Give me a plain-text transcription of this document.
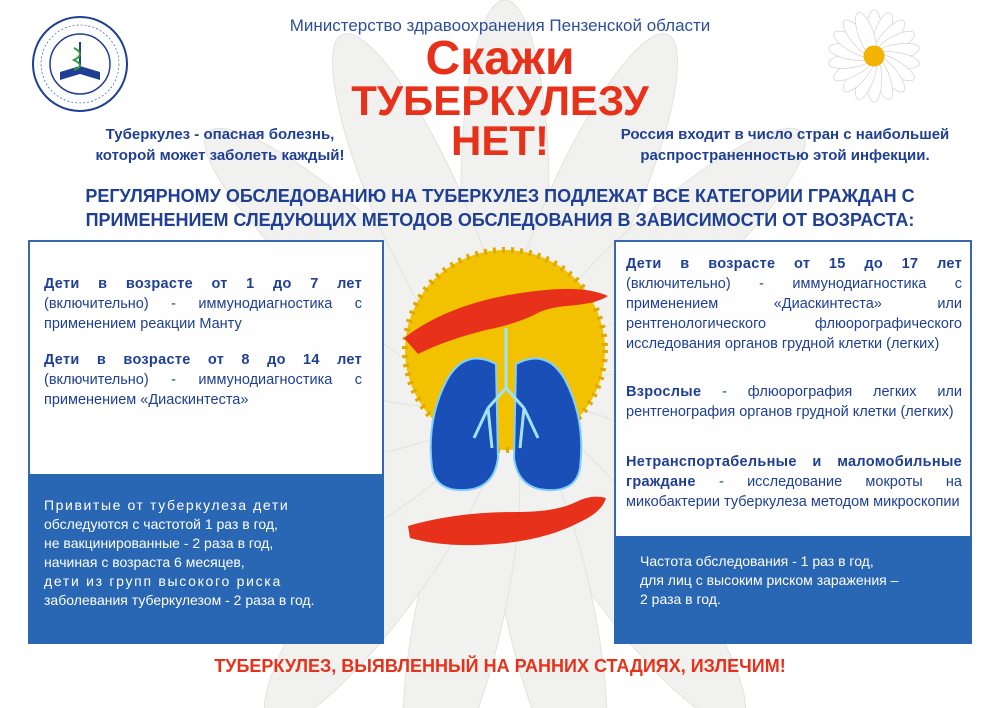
Министерство здравоохранения Пензенской области
Скажи
ТУБЕРКУЛЕЗУ
НЕТ!
Туберкулез - опасная болезнь,
которой может заболеть каждый!
Россия входит в число стран с наибольшей
распространенностью этой инфекции.
РЕГУЛЯРНОМУ ОБСЛЕДОВАНИЮ НА ТУБЕРКУЛЕЗ ПОДЛЕЖАТ ВСЕ КАТЕГОРИИ ГРАЖДАН С
ПРИМЕНЕНИЕМ СЛЕДУЮЩИХ МЕТОДОВ ОБСЛЕДОВАНИЯ В ЗАВИСИМОСТИ ОТ ВОЗРАСТА:
Дети в возрасте от 1 до 7 лет (включительно) - иммунодиагностика с применением реакции Манту
Дети в возрасте от 8 до 14 лет (включительно) - иммунодиагностика с применением «Диаскинтеста»
Привитые от туберкулеза дети
обследуются с частотой 1 раз в год,
не вакцинированные - 2 раза в год,
начиная с возраста 6 месяцев,
дети из групп высокого риска
заболевания туберкулезом - 2 раза в год.
Дети в возрасте от 15 до 17 лет (включительно) - иммунодиагностика с применением «Диаскинтеста» или рентгенологического флюорографического исследования органов грудной клетки (легких)
Взрослые - флюорография легких или рентгенография органов грудной клетки (легких)
Нетранспортабельные и маломобильные граждане - исследование мокроты на микобактерии туберкулеза методом микроскопии
Частота обследования - 1 раз в год,
для лиц с высоким риском заражения –
2 раза в год.
ТУБЕРКУЛЕЗ, ВЫЯВЛЕННЫЙ НА РАННИХ СТАДИЯХ, ИЗЛЕЧИМ!
